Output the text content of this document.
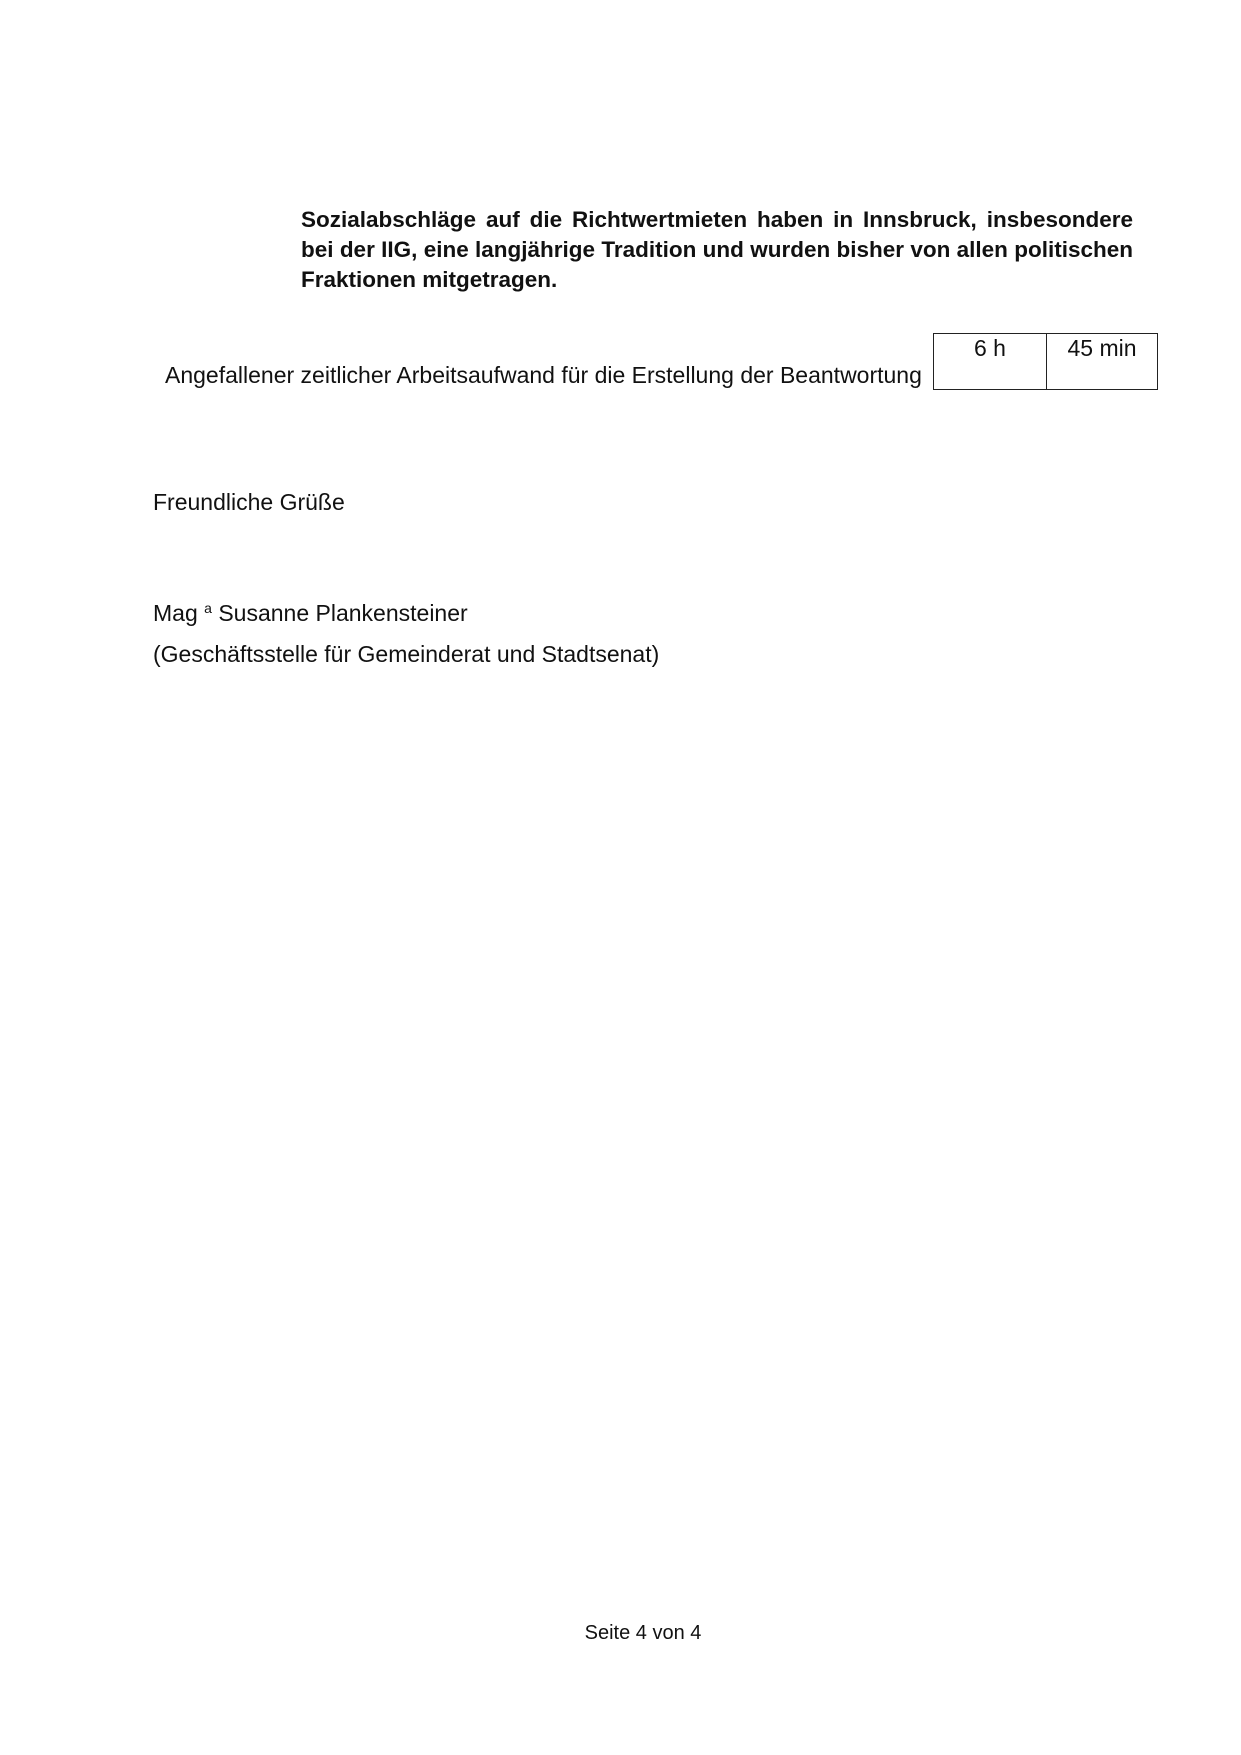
Sozialabschläge auf die Richtwertmieten haben in Innsbruck, insbesondere bei der IIG, eine langjährige Tradition und wurden bisher von allen politischen Fraktionen mitgetragen.

Angefallener zeitlicher Arbeitsaufwand für die Erstellung der Beantwortung

6 h	45 min

Freundliche Grüße

Mag $^a$ Susanne Plankensteiner

(Geschäftsstelle für Gemeinderat und Stadtsenat)

Seite 4 von 4
